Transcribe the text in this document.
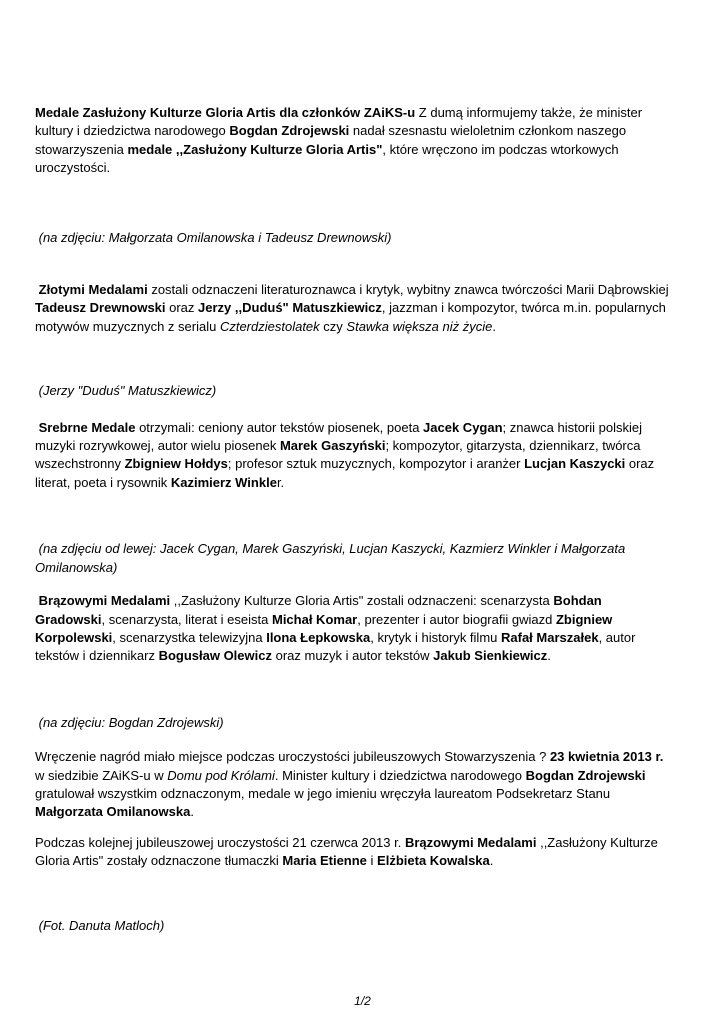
Medale Zasłużony Kulturze Gloria Artis dla członków ZAiKS-u Z dumą informujemy także, że minister kultury i dziedzictwa narodowego Bogdan Zdrojewski nadał szesnastu wieloletnim członkom naszego stowarzyszenia medale ,,Zasłużony Kulturze Gloria Artis", które wręczono im podczas wtorkowych uroczystości.

(na zdjęciu: Małgorzata Omilanowska i Tadeusz Drewnowski)

Złotymi Medalami zostali odznaczeni literaturoznawca i krytyk, wybitny znawca twórczości Marii Dąbrowskiej Tadeusz Drewnowski oraz Jerzy ,,Duduś" Matuszkiewicz, jazzman i kompozytor, twórca m.in. popularnych motywów muzycznych z serialu Czterdziestolatek czy Stawka większa niż życie.

(Jerzy "Duduś" Matuszkiewicz)

Srebrne Medale otrzymali: ceniony autor tekstów piosenek, poeta Jacek Cygan; znawca historii polskiej muzyki rozrywkowej, autor wielu piosenek Marek Gaszyński; kompozytor, gitarzysta, dziennikarz, twórca wszechstronny Zbigniew Hołdys; profesor sztuk muzycznych, kompozytor i aranżer Lucjan Kaszycki oraz literat, poeta i rysownik Kazimierz Winkler.

(na zdjęciu od lewej: Jacek Cygan, Marek Gaszyński, Lucjan Kaszycki, Kazmierz Winkler i Małgorzata Omilanowska)

Brązowymi Medalami ,,Zasłużony Kulturze Gloria Artis" zostali odznaczeni: scenarzysta Bohdan Gradowski, scenarzysta, literat i eseista Michał Komar, prezenter i autor biografii gwiazd Zbigniew Korpolewski, scenarzystka telewizyjna Ilona Łepkowska, krytyk i historyk filmu Rafał Marszałek, autor tekstów i dziennikarz Bogusław Olewicz oraz muzyk i autor tekstów Jakub Sienkiewicz.

(na zdjęciu: Bogdan Zdrojewski)

Wręczenie nagród miało miejsce podczas uroczystości jubileuszowych Stowarzyszenia ? 23 kwietnia 2013 r. w siedzibie ZAiKS-u w Domu pod Królami. Minister kultury i dziedzictwa narodowego Bogdan Zdrojewski gratulował wszystkim odznaczonym, medale w jego imieniu wręczyła laureatom Podsekretarz Stanu Małgorzata Omilanowska.

Podczas kolejnej jubileuszowej uroczystości 21 czerwca 2013 r. Brązowymi Medalami ,,Zasłużony Kulturze Gloria Artis" zostały odznaczone tłumaczki Maria Etienne i Elżbieta Kowalska.

(Fot. Danuta Matloch)

1/2
